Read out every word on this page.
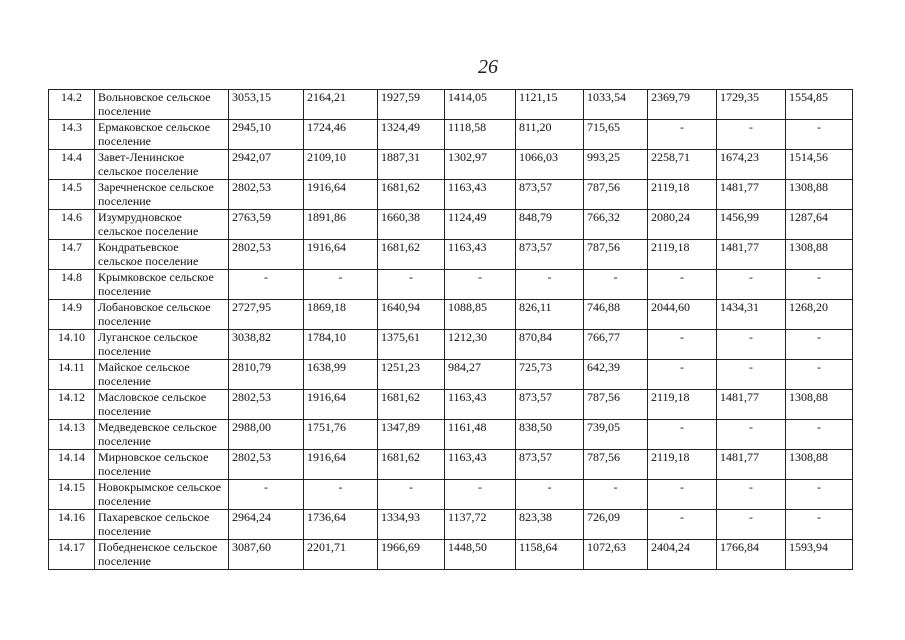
26
14.2	Вольновское сельское поселение	3053,15	2164,21	1927,59	1414,05	1121,15	1033,54	2369,79	1729,35	1554,85
14.3	Ермаковское сельское поселение	2945,10	1724,46	1324,49	1118,58	811,20	715,65	-	-	-
14.4	Завет-Ленинское сельское поселение	2942,07	2109,10	1887,31	1302,97	1066,03	993,25	2258,71	1674,23	1514,56
14.5	Заречненское сельское поселение	2802,53	1916,64	1681,62	1163,43	873,57	787,56	2119,18	1481,77	1308,88
14.6	Изумрудновское сельское поселение	2763,59	1891,86	1660,38	1124,49	848,79	766,32	2080,24	1456,99	1287,64
14.7	Кондратьевское сельское поселение	2802,53	1916,64	1681,62	1163,43	873,57	787,56	2119,18	1481,77	1308,88
14.8	Крымковское сельское поселение	-	-	-	-	-	-	-	-	-
14.9	Лобановское сельское поселение	2727,95	1869,18	1640,94	1088,85	826,11	746,88	2044,60	1434,31	1268,20
14.10	Луганское сельское поселение	3038,82	1784,10	1375,61	1212,30	870,84	766,77	-	-	-
14.11	Майское сельское поселение	2810,79	1638,99	1251,23	984,27	725,73	642,39	-	-	-
14.12	Масловское сельское поселение	2802,53	1916,64	1681,62	1163,43	873,57	787,56	2119,18	1481,77	1308,88
14.13	Медведевское сельское поселение	2988,00	1751,76	1347,89	1161,48	838,50	739,05	-	-	-
14.14	Мирновское сельское поселение	2802,53	1916,64	1681,62	1163,43	873,57	787,56	2119,18	1481,77	1308,88
14.15	Новокрымское сельское поселение	-	-	-	-	-	-	-	-	-
14.16	Пахаревское сельское поселение	2964,24	1736,64	1334,93	1137,72	823,38	726,09	-	-	-
14.17	Победненское сельское поселение	3087,60	2201,71	1966,69	1448,50	1158,64	1072,63	2404,24	1766,84	1593,94
